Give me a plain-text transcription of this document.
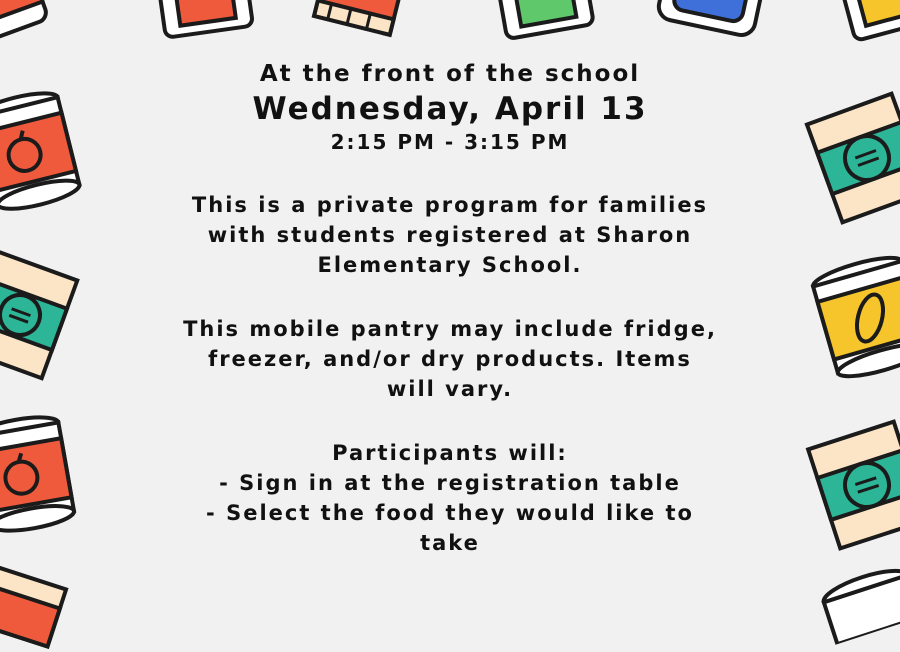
At the front of the school
Wednesday, April 13
2:15 PM - 3:15 PM
This is a private program for families
with students registered at Sharon
Elementary School.
This mobile pantry may include fridge,
freezer, and/or dry products. Items
will vary.
Participants will:
- Sign in at the registration table
- Select the food they would like to
take
